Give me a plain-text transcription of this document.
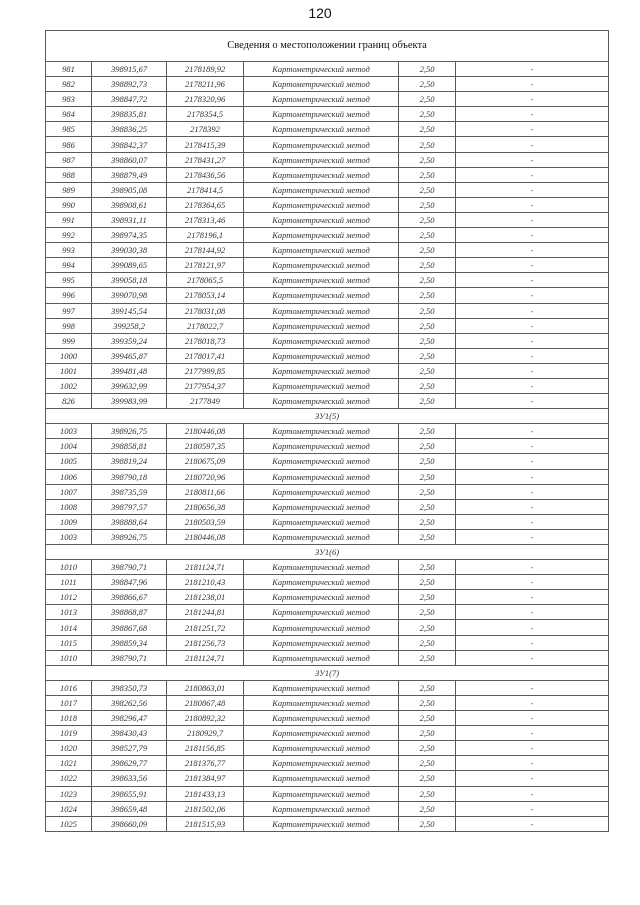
120
Сведения о местоположении границ объекта					
981	398915,67	2178189,92	Картометрический метод	2,50	-
982	398892,73	2178211,96	Картометрический метод	2,50	-
983	398847,72	2178320,96	Картометрический метод	2,50	-
984	398835,81	2178354,5	Картометрический метод	2,50	-
985	398836,25	2178392	Картометрический метод	2,50	-
986	398842,37	2178415,39	Картометрический метод	2,50	-
987	398860,07	2178431,27	Картометрический метод	2,50	-
988	398879,49	2178436,56	Картометрический метод	2,50	-
989	398905,08	2178414,5	Картометрический метод	2,50	-
990	398908,61	2178364,65	Картометрический метод	2,50	-
991	398931,11	2178313,46	Картометрический метод	2,50	-
992	398974,35	2178196,1	Картометрический метод	2,50	-
993	399030,38	2178144,92	Картометрический метод	2,50	-
994	399089,65	2178121,97	Картометрический метод	2,50	-
995	399058,18	2178065,5	Картометрический метод	2,50	-
996	399070,98	2178053,14	Картометрический метод	2,50	-
997	399145,54	2178031,08	Картометрический метод	2,50	-
998	399258,2	2178022,7	Картометрический метод	2,50	-
999	399359,24	2178018,73	Картометрический метод	2,50	-
1000	399465,87	2178017,41	Картометрический метод	2,50	-
1001	399481,48	2177999,85	Картометрический метод	2,50	-
1002	399632,99	2177954,37	Картометрический метод	2,50	-
826	399983,99	2177849	Картометрический метод	2,50	-
ЗУ1(5)					
1003	398926,75	2180446,08	Картометрический метод	2,50	-
1004	398858,81	2180597,35	Картометрический метод	2,50	-
1005	398819,24	2180675,09	Картометрический метод	2,50	-
1006	398790,18	2180720,96	Картометрический метод	2,50	-
1007	398735,59	2180811,66	Картометрический метод	2,50	-
1008	398797,57	2180656,38	Картометрический метод	2,50	-
1009	398888,64	2180503,59	Картометрический метод	2,50	-
1003	398926,75	2180446,08	Картометрический метод	2,50	-
ЗУ1(6)					
1010	398790,71	2181124,71	Картометрический метод	2,50	-
1011	398847,96	2181210,43	Картометрический метод	2,50	-
1012	398866,67	2181238,01	Картометрический метод	2,50	-
1013	398868,87	2181244,81	Картометрический метод	2,50	-
1014	398867,68	2181251,72	Картометрический метод	2,50	-
1015	398859,34	2181256,73	Картометрический метод	2,50	-
1010	398790,71	2181124,71	Картометрический метод	2,50	-
ЗУ1(7)					
1016	398350,73	2180863,01	Картометрический метод	2,50	-
1017	398262,56	2180867,48	Картометрический метод	2,50	-
1018	398296,47	2180892,32	Картометрический метод	2,50	-
1019	398430,43	2180929,7	Картометрический метод	2,50	-
1020	398527,79	2181156,85	Картометрический метод	2,50	-
1021	398629,77	2181376,77	Картометрический метод	2,50	-
1022	398633,56	2181384,97	Картометрический метод	2,50	-
1023	398655,91	2181433,13	Картометрический метод	2,50	-
1024	398659,48	2181502,06	Картометрический метод	2,50	-
1025	398660,09	2181515,93	Картометрический метод	2,50	-
